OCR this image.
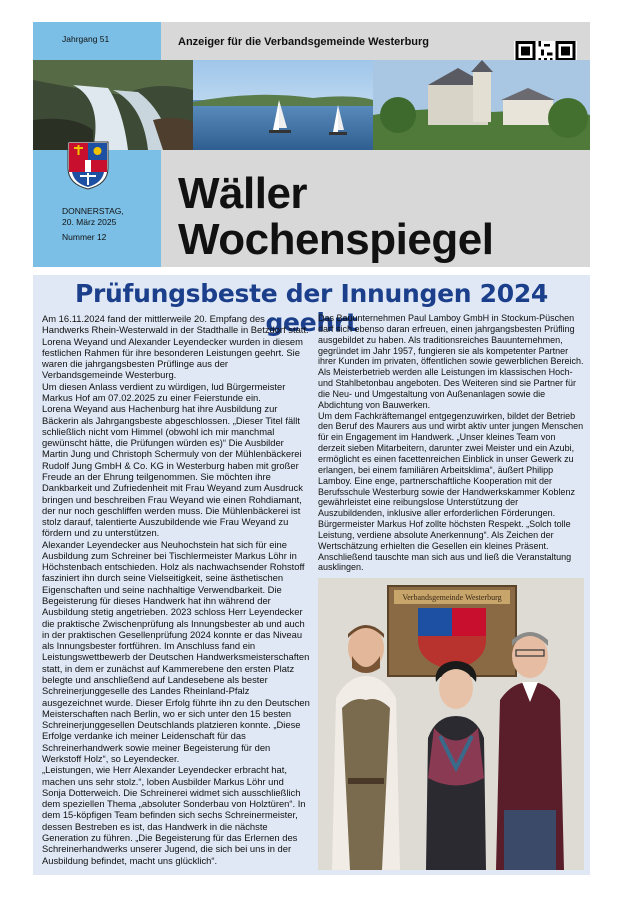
Jahrgang 51	Anzeiger für die Verbandsgemeinde Westerburg
DONNERSTAG,
20. März 2025
Nummer 12
Wäller
Wochenspiegel
Prüfungsbeste der Innungen 2024 geehrt

Am 16.11.2024 fand der mittlerweile 20. Empfang des Handwerks Rhein-Westerwald in der Stadthalle in Betzdorf statt.

Lorena Weyand und Alexander Leyendecker wurden in diesem festlichen Rahmen für ihre besonderen Leistungen geehrt. Sie waren die jahrgangsbesten Prüflinge aus der Verbandsgemeinde Westerburg.

Um diesen Anlass verdient zu würdigen, lud Bürgermeister Markus Hof am 07.02.2025 zu einer Feierstunde ein.

Lorena Weyand aus Hachenburg hat ihre Ausbildung zur Bäckerin als Jahrgangsbeste abgeschlossen. „Dieser Titel fällt schließlich nicht vom Himmel (obwohl ich mir manchmal gewünscht hätte, die Prüfungen würden es)“ Die Ausbilder Martin Jung und Christoph Schermuly von der Mühlenbäckerei Rudolf Jung GmbH & Co. KG in Westerburg haben mit großer Freude an der Ehrung teilgenommen. Sie möchten ihre Dankbarkeit und Zufriedenheit mit Frau Weyand zum Ausdruck bringen und beschreiben Frau Weyand wie einen Rohdiamant, der nur noch geschliffen werden muss. Die Mühlenbäckerei ist stolz darauf, talentierte Auszubildende wie Frau Weyand zu fördern und zu unterstützen.

Alexander Leyendecker aus Neuhochstein hat sich für eine Ausbildung zum Schreiner bei Tischlermeister Markus Löhr in Höchstenbach entschieden. Holz als nachwachsender Rohstoff fasziniert ihn durch seine Vielseitigkeit, seine ästhetischen Eigenschaften und seine nachhaltige Verwendbarkeit. Die Begeisterung für dieses Handwerk hat ihn während der Ausbildung stetig angetrieben. 2023 schloss Herr Leyendecker die praktische Zwischenprüfung als Innungsbester ab und auch in der praktischen Gesellenprüfung 2024 konnte er das Niveau als Innungsbester fortführen. Im Anschluss fand ein Leistungswettbewerb der Deutschen Handwerksmeisterschaften statt, in dem er zunächst auf Kammerebene den ersten Platz belegte und anschließend auf Landesebene als bester Schreinerjunggeselle des Landes Rheinland-Pfalz ausgezeichnet wurde. Dieser Erfolg führte ihn zu den Deutschen Meisterschaften nach Berlin, wo er sich unter den 15 besten Schreinerjunggesellen Deutschlands platzieren konnte. „Diese Erfolge verdanke ich meiner Leidenschaft für das Schreinerhandwerk sowie meiner Begeisterung für den Werkstoff Holz“, so Leyendecker.

„Leistungen, wie Herr Alexander Leyendecker erbracht hat, machen uns sehr stolz.“, loben Ausbilder Markus Löhr und Sonja Dotterweich. Die Schreinerei widmet sich ausschließlich dem speziellen Thema „absoluter Sonderbau von Holztüren“. In dem 15-köpfigen Team befinden sich sechs Schreinermeister, dessen Bestreben es ist, das Handwerk in die nächste Generation zu führen. „Die Begeisterung für das Erlernen des Schreinerhandwerks unserer Jugend, die sich bei uns in der Ausbildung befindet, macht uns glücklich“.

Das Bauunternehmen Paul Lamboy GmbH in Stockum-Püschen darf sich ebenso daran erfreuen, einen jahrgangsbesten Prüfling ausgebildet zu haben. Als traditionsreiches Bauunternehmen, gegründet im Jahr 1957, fungieren sie als kompetenter Partner ihrer Kunden im privaten, öffentlichen sowie gewerblichen Bereich.

Als Meisterbetrieb werden alle Leistungen im klassischen Hoch- und Stahlbetonbau angeboten. Des Weiteren sind sie Partner für die Neu- und Umgestaltung von Außenanlagen sowie die Abdichtung von Bauwerken.

Um dem Fachkräftemangel entgegenzuwirken, bildet der Betrieb den Beruf des Maurers aus und wirbt aktiv unter jungen Menschen für ein Engagement im Handwerk. „Unser kleines Team von derzeit sieben Mitarbeitern, darunter zwei Meister und ein Azubi, ermöglicht es einen facettenreichen Einblick in unser Gewerk zu erlangen, bei einem familiären Arbeitsklima“, äußert Philipp Lamboy. Eine enge, partnerschaftliche Kooperation mit der Berufsschule Westerburg sowie der Handwerkskammer Koblenz gewährleistet eine reibungslose Unterstützung der Auszubildenden, inklusive aller erforderlichen Förderungen.

Bürgermeister Markus Hof zollte höchsten Respekt. „Solch tolle Leistung, verdiene absolute Anerkennung“. Als Zeichen der Wertschätzung erhielten die Gesellen ein kleines Präsent. Anschließend tauschte man sich aus und ließ die Veranstaltung ausklingen.

Verbandsgemeinde Westerburg
